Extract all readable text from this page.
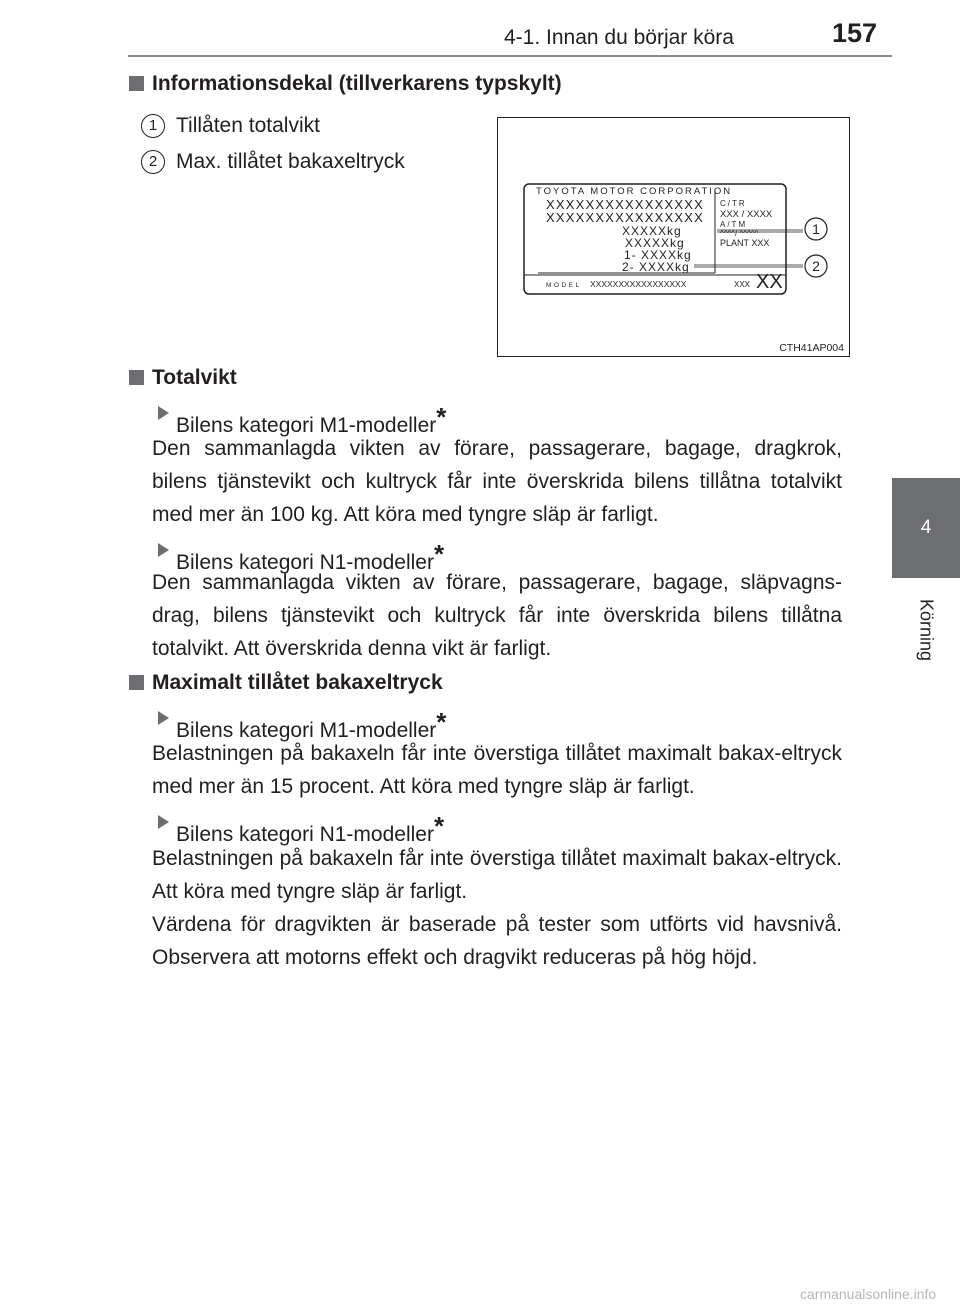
4-1. Innan du börjar köra	157
4
Körning
Informationsdekal (tillverkarens typskylt)
1 Tillåten totalvikt
2 Max. tillåtet bakaxeltryck
TOYOTA MOTOR CORPORATION
XXXXXXXXXXXXXXXX
XXXXXXXXXXXXXXXX
XXXXXkg
XXXXXkg
1- XXXXkg
2- XXXXkg
C/TR
XXX / XXXX
A/TM
^^^^/ ^^^^^
PLANT XXX
MODEL XXXXXXXXXXXXXXXXX	XXX XX
1
2
CTH41AP004
Totalvikt
Bilens kategori M1-modeller*
Den sammanlagda vikten av förare, passagerare, bagage, dragkrok, bilens tjänstevikt och kultryck får inte överskrida bilens tillåtna totalvikt med mer än 100 kg. Att köra med tyngre släp är farligt.
Bilens kategori N1-modeller*
Den sammanlagda vikten av förare, passagerare, bagage, släpvagns-drag, bilens tjänstevikt och kultryck får inte överskrida bilens tillåtna totalvikt. Att överskrida denna vikt är farligt.
Maximalt tillåtet bakaxeltryck
Bilens kategori M1-modeller*
Belastningen på bakaxeln får inte överstiga tillåtet maximalt bakax-eltryck med mer än 15 procent. Att köra med tyngre släp är farligt.
Bilens kategori N1-modeller*
Belastningen på bakaxeln får inte överstiga tillåtet maximalt bakax-eltryck. Att köra med tyngre släp är farligt.
Värdena för dragvikten är baserade på tester som utförts vid havsnivå. Observera att motorns effekt och dragvikt reduceras på hög höjd.
carmanualsonline.info
